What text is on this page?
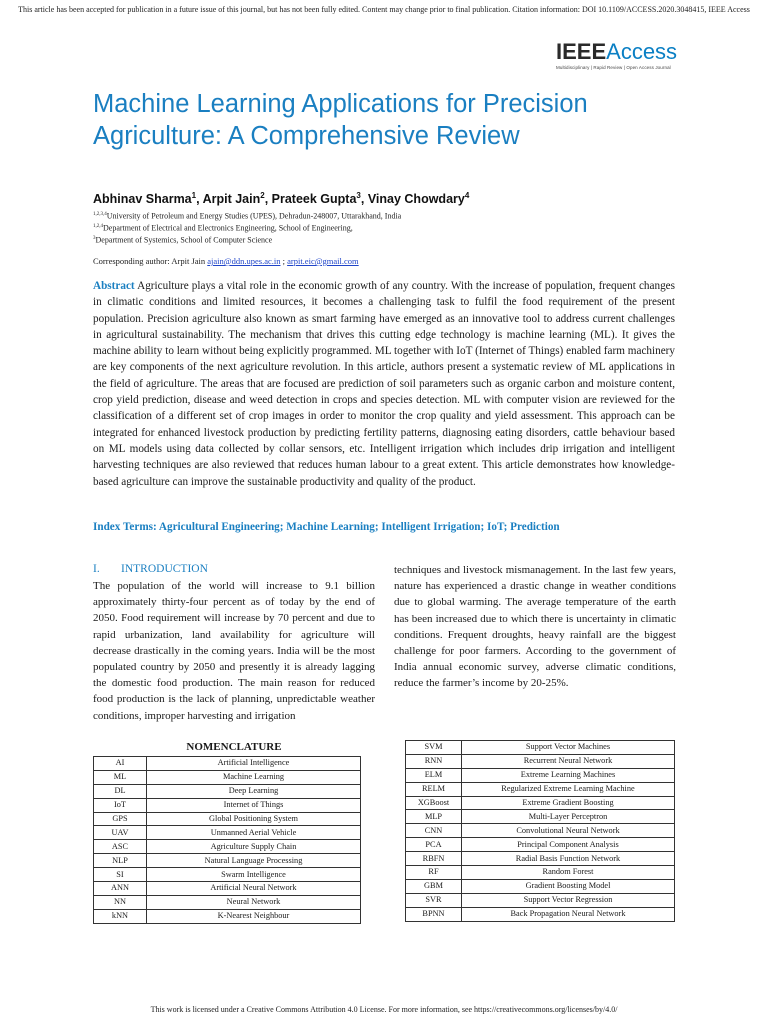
This article has been accepted for publication in a future issue of this journal, but has not been fully edited. Content may change prior to final publication. Citation information: DOI 10.1109/ACCESS.2020.3048415, IEEE Access
IEEEAccess
Multidisciplinary | Rapid Review | Open Access Journal
Machine Learning Applications for Precision Agriculture: A Comprehensive Review
Abhinav Sharma$^1$, Arpit Jain$^2$, Prateek Gupta$^3$, Vinay Chowdary$^4$
$^{1,2,3,4}$University of Petroleum and Energy Studies (UPES), Dehradun-248007, Uttarakhand, India
$^{1,2,4}$Department of Electrical and Electronics Engineering, School of Engineering,
$^3$Department of Systemics, School of Computer Science
Corresponding author: Arpit Jain ajain@ddn.upes.ac.in ; arpit.eic@gmail.com
Abstract Agriculture plays a vital role in the economic growth of any country. With the increase of population, frequent changes in climatic conditions and limited resources, it becomes a challenging task to fulfil the food requirement of the present population. Precision agriculture also known as smart farming have emerged as an innovative tool to address current challenges in agricultural sustainability. The mechanism that drives this cutting edge technology is machine learning (ML). It gives the machine ability to learn without being explicitly programmed. ML together with IoT (Internet of Things) enabled farm machinery are key components of the next agriculture revolution. In this article, authors present a systematic review of ML applications in the field of agriculture. The areas that are focused are prediction of soil parameters such as organic carbon and moisture content, crop yield prediction, disease and weed detection in crops and species detection. ML with computer vision are reviewed for the classification of a different set of crop images in order to monitor the crop quality and yield assessment. This approach can be integrated for enhanced livestock production by predicting fertility patterns, diagnosing eating disorders, cattle behaviour based on ML models using data collected by collar sensors, etc. Intelligent irrigation which includes drip irrigation and intelligent harvesting techniques are also reviewed that reduces human labour to a great extent. This article demonstrates how knowledge-based agriculture can improve the sustainable productivity and quality of the product.
Index Terms: Agricultural Engineering; Machine Learning; Intelligent Irrigation; IoT; Prediction
I. INTRODUCTION
The population of the world will increase to 9.1 billion approximately thirty-four percent as of today by the end of 2050. Food requirement will increase by 70 percent and due to rapid urbanization, land availability for agriculture will decrease drastically in the coming years. India will be the most populated country by 2050 and presently it is already lagging the domestic food production. The main reason for reduced food production is the lack of planning, unpredictable weather conditions, improper harvesting and irrigation
techniques and livestock mismanagement. In the last few years, nature has experienced a drastic change in weather conditions due to global warming. The average temperature of the earth has been increased due to which there is uncertainty in climatic conditions. Frequent droughts, heavy rainfall are the biggest challenge for poor farmers. According to the government of India annual economic survey, adverse climatic conditions, reduce the farmer’s income by 20-25%.
NOMENCLATURE
AI	Artificial Intelligence
ML	Machine Learning
DL	Deep Learning
IoT	Internet of Things
GPS	Global Positioning System
UAV	Unmanned Aerial Vehicle
ASC	Agriculture Supply Chain
NLP	Natural Language Processing
SI	Swarm Intelligence
ANN	Artificial Neural Network
NN	Neural Network
kNN	K-Nearest Neighbour
SVM	Support Vector Machines
RNN	Recurrent Neural Network
ELM	Extreme Learning Machines
RELM	Regularized Extreme Learning Machine
XGBoost	Extreme Gradient Boosting
MLP	Multi-Layer Perceptron
CNN	Convolutional Neural Network
PCA	Principal Component Analysis
RBFN	Radial Basis Function Network
RF	Random Forest
GBM	Gradient Boosting Model
SVR	Support Vector Regression
BPNN	Back Propagation Neural Network
This work is licensed under a Creative Commons Attribution 4.0 License. For more information, see https://creativecommons.org/licenses/by/4.0/
